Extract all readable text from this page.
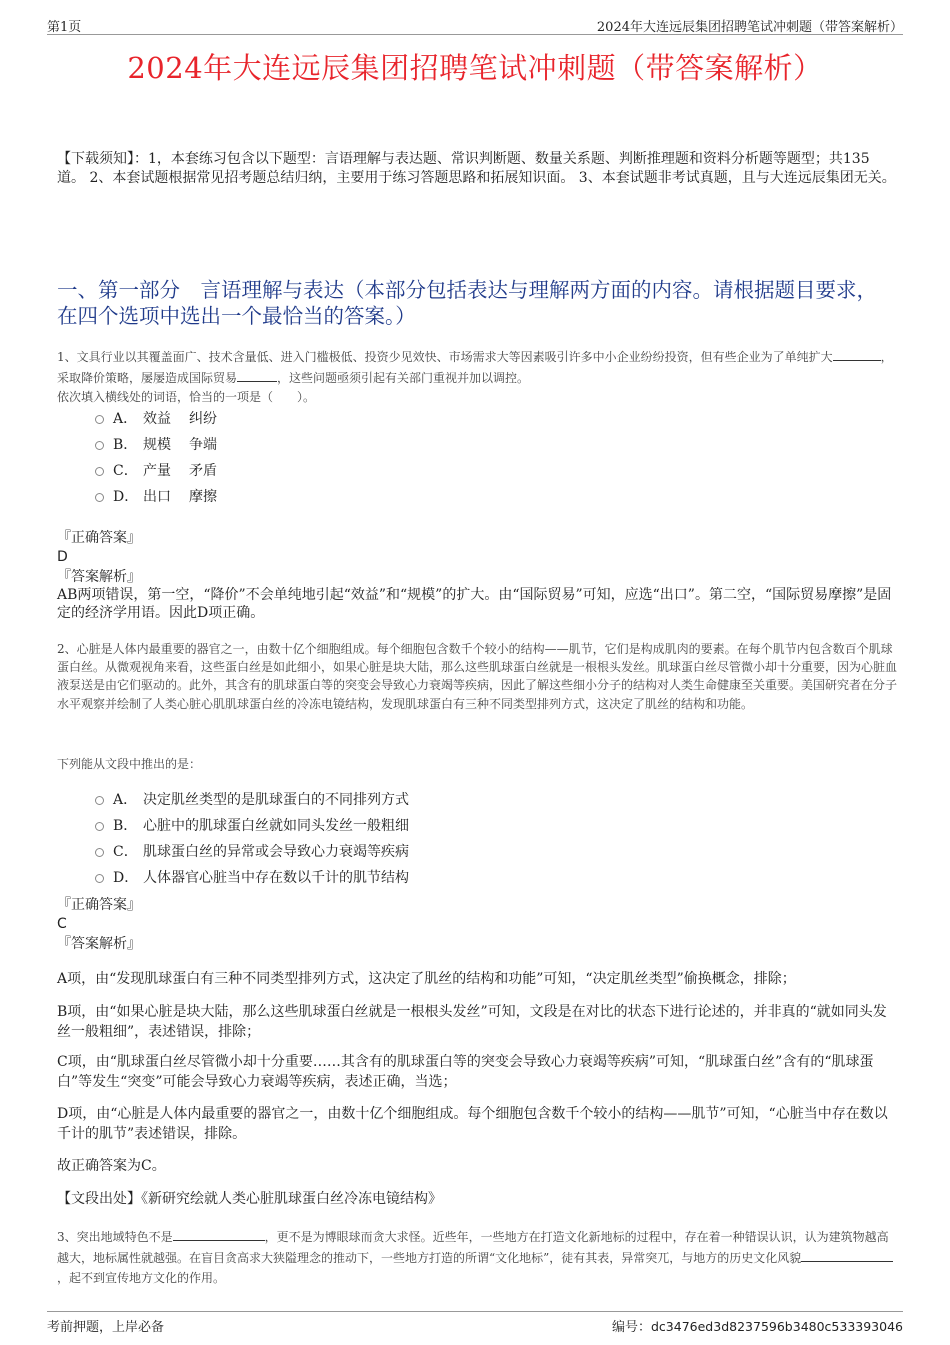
第1页	2024年大连远辰集团招聘笔试冲刺题（带答案解析）
2024年大连远辰集团招聘笔试冲刺题（带答案解析）
【下载须知】：1，本套练习包含以下题型：言语理解与表达题、常识判断题、数量关系题、判断推理题和资料分析题等题型；共135道。 2、本套试题根据常见招考题总结归纳，主要用于练习答题思路和拓展知识面。 3、本套试题非考试真题，且与大连远辰集团无关。
一、第一部分　言语理解与表达（本部分包括表达与理解两方面的内容。请根据题目要求，在四个选项中选出一个最恰当的答案。）
1、文具行业以其覆盖面广、技术含量低、进入门槛极低、投资少见效快、市场需求大等因素吸引许多中小企业纷纷投资，但有些企业为了单纯扩大	，采取降价策略，屡屡造成国际贸易	，这些问题亟须引起有关部门重视并加以调控。
依次填入横线处的词语，恰当的一项是（　　）。
A． 效益	纠纷
B． 规模	争端
C． 产量	矛盾
D． 出口	摩擦
『正确答案』
D
『答案解析』
AB两项错误，第一空，“降价”不会单纯地引起“效益”和“规模”的扩大。由“国际贸易”可知，应选“出口”。第二空，“国际贸易摩擦”是固定的经济学用语。因此D项正确。
2、心脏是人体内最重要的器官之一，由数十亿个细胞组成。每个细胞包含数千个较小的结构——肌节，它们是构成肌肉的要素。在每个肌节内包含数百个肌球蛋白丝。从微观视角来看，这些蛋白丝是如此细小，如果心脏是块大陆，那么这些肌球蛋白丝就是一根根头发丝。肌球蛋白丝尽管微小却十分重要，因为心脏血液泵送是由它们驱动的。此外，其含有的肌球蛋白等的突变会导致心力衰竭等疾病，因此了解这些细小分子的结构对人类生命健康至关重要。美国研究者在分子水平观察并绘制了人类心脏心肌肌球蛋白丝的冷冻电镜结构，发现肌球蛋白有三种不同类型排列方式，这决定了肌丝的结构和功能。
下列能从文段中推出的是：
A． 决定肌丝类型的是肌球蛋白的不同排列方式
B． 心脏中的肌球蛋白丝就如同头发丝一般粗细
C． 肌球蛋白丝的异常或会导致心力衰竭等疾病
D． 人体器官心脏当中存在数以千计的肌节结构
『正确答案』
C
『答案解析』
A项，由“发现肌球蛋白有三种不同类型排列方式，这决定了肌丝的结构和功能”可知，“决定肌丝类型”偷换概念，排除；
B项，由“如果心脏是块大陆，那么这些肌球蛋白丝就是一根根头发丝”可知，文段是在对比的状态下进行论述的，并非真的“就如同头发丝一般粗细”，表述错误，排除；
C项，由“肌球蛋白丝尽管微小却十分重要……其含有的肌球蛋白等的突变会导致心力衰竭等疾病”可知，“肌球蛋白丝”含有的“肌球蛋白”等发生“突变”可能会导致心力衰竭等疾病，表述正确，当选；
D项，由“心脏是人体内最重要的器官之一，由数十亿个细胞组成。每个细胞包含数千个较小的结构——肌节”可知，“心脏当中存在数以千计的肌节”表述错误，排除。
故正确答案为C。
【文段出处】《新研究绘就人类心脏肌球蛋白丝冷冻电镜结构》
3、突出地域特色不是	，更不是为博眼球而贪大求怪。近些年，一些地方在打造文化新地标的过程中，存在着一种错误认识，认为建筑物越高越大，地标属性就越强。在盲目贪高求大狭隘理念的推动下，一些地方打造的所谓“文化地标”，徒有其表，异常突兀，与地方的历史文化风貌，起不到宣传地方文化的作用。
考前押题，上岸必备	编号：dc3476ed3d8237596b3480c533393046
